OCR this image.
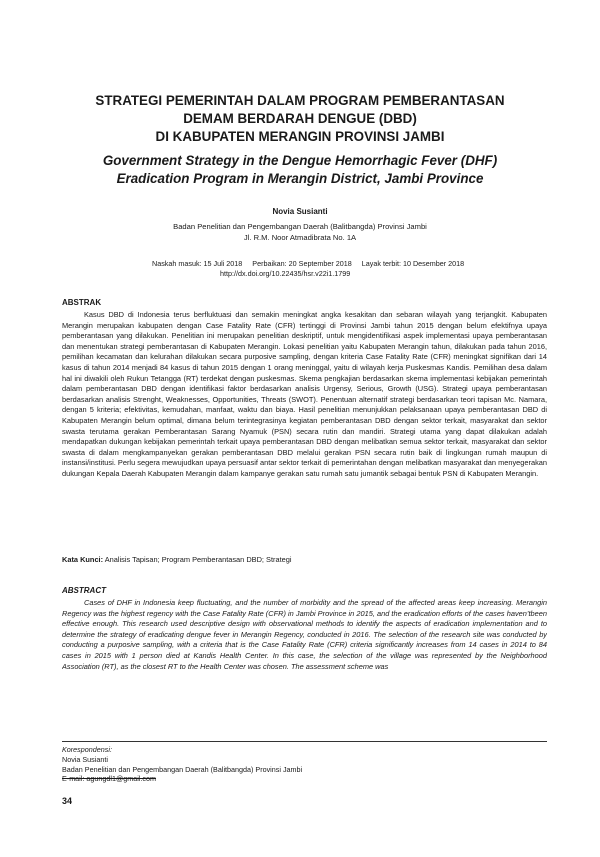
STRATEGI PEMERINTAH DALAM PROGRAM PEMBERANTASAN
DEMAM BERDARAH DENGUE (DBD)
DI KABUPATEN MERANGIN PROVINSI JAMBI
Government Strategy in the Dengue Hemorrhagic Fever (DHF)
Eradication Program in Merangin District, Jambi Province
Novia Susianti
Badan Penelitian dan Pengembangan Daerah (Balitbangda) Provinsi Jambi
Jl. R.M. Noor Atmadibrata No. 1A
Naskah masuk: 15 Juli 2018 Perbaikan: 20 September 2018 Layak terbit: 10 Desember 2018
http://dx.doi.org/10.22435/hsr.v22i1.1799
ABSTRAK

Kasus DBD di Indonesia terus berfluktuasi dan semakin meningkat angka kesakitan dan sebaran wilayah yang terjangkit. Kabupaten Merangin merupakan kabupaten dengan Case Fatality Rate (CFR) tertinggi di Provinsi Jambi tahun 2015 dengan belum efektifnya upaya pemberantasan yang dilakukan. Penelitian ini merupakan penelitian deskriptif, untuk mengidentifikasi aspek implementasi upaya pemberantasan dan menentukan strategi pemberantasan di Kabupaten Merangin. Lokasi penelitian yaitu Kabupaten Merangin tahun, dilakukan pada tahun 2016, pemilihan kecamatan dan kelurahan dilakukan secara purposive sampling, dengan kriteria Case Fatality Rate (CFR) meningkat signifikan dari 14 kasus di tahun 2014 menjadi 84 kasus di tahun 2015 dengan 1 orang meninggal, yaitu di wilayah kerja Puskesmas Kandis. Pemilihan desa dalam hal ini diwakili oleh Rukun Tetangga (RT) terdekat dengan puskesmas. Skema pengkajian berdasarkan skema implementasi kebijakan pemerintah dalam pemberantasan DBD dengan identifikasi faktor berdasarkan analisis Urgensy, Serious, Growth (USG). Strategi upaya pemberantasan berdasarkan analisis Strenght, Weaknesses, Opportunities, Threats (SWOT). Penentuan alternatif strategi berdasarkan teori tapisan Mc. Namara, dengan 5 kriteria; efektivitas, kemudahan, manfaat, waktu dan biaya. Hasil penelitian menunjukkan pelaksanaan upaya pemberantasan DBD di Kabupaten Merangin belum optimal, dimana belum terintegrasinya kegiatan pemberantasan DBD dengan sektor terkait, masyarakat dan sektor swasta terutama gerakan Pemberantasan Sarang Nyamuk (PSN) secara rutin dan mandiri. Strategi utama yang dapat dilakukan adalah mendapatkan dukungan kebijakan pemerintah terkait upaya pemberantasan DBD dengan melibatkan semua sektor terkait, masyarakat dan sektor swasta di dalam mengkampanyekan gerakan pemberantasan DBD melalui gerakan PSN secara rutin baik di lingkungan rumah maupun di instansi/institusi. Perlu segera mewujudkan upaya persuasif antar sektor terkait di pemerintahan dengan melibatkan masyarakat dan menyegerakan dukungan Kepala Daerah Kabupaten Merangin dalam kampanye gerakan satu rumah satu jumantik sebagai bentuk PSN di Kabupaten Merangin.

Kata Kunci: Analisis Tapisan; Program Pemberantasan DBD; Strategi

ABSTRACT

Cases of DHF in Indonesia keep fluctuating, and the number of morbidity and the spread of the affected areas keep increasing. Merangin Regency was the highest regency with the Case Fatality Rate (CFR) in Jambi Province in 2015, and the eradication efforts of the cases haven’tbeen effective enough. This research used descriptive design with observational methods to identify the aspects of eradication implementation and to determine the strategy of eradicating dengue fever in Merangin Regency, conducted in 2016. The selection of the research site was conducted by conducting a purposive sampling, with a criteria that is the Case Fatality Rate (CFR) criteria significantly increases from 14 cases in 2014 to 84 cases in 2015 with 1 person died at Kandis Health Center. In this case, the selection of the village was represented by the Neighborhood Association (RT), as the closest RT to the Health Center was chosen. The assessment scheme was

Korespondensi:
Novia Susianti
Badan Penelitian dan Pengembangan Daerah (Balitbangda) Provinsi Jambi
E-mail: agungdl1@gmail.com
34
